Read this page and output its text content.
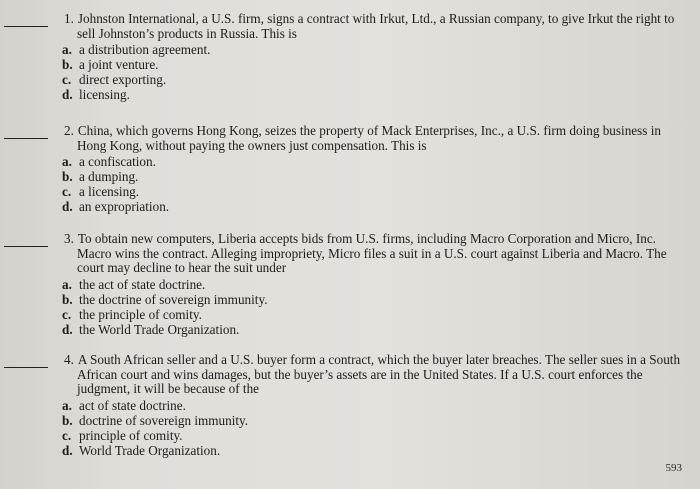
1. Johnston International, a U.S. firm, signs a contract with Irkut, Ltd., a Russian company, to give Irkut the right to sell Johnston’s products in Russia. This is

a. a distribution agreement.
b. a joint venture.
c. direct exporting.
d. licensing.

2. China, which governs Hong Kong, seizes the property of Mack Enterprises, Inc., a U.S. firm doing business in Hong Kong, without paying the owners just compensation. This is

a. a confiscation.
b. a dumping.
c. a licensing.
d. an expropriation.

3. To obtain new computers, Liberia accepts bids from U.S. firms, including Macro Corporation and Micro, Inc. Macro wins the contract. Alleging impropriety, Micro files a suit in a U.S. court against Liberia and Macro. The court may decline to hear the suit under

a. the act of state doctrine.
b. the doctrine of sovereign immunity.
c. the principle of comity.
d. the World Trade Organization.

4. A South African seller and a U.S. buyer form a contract, which the buyer later breaches. The seller sues in a South African court and wins damages, but the buyer’s assets are in the United States. If a U.S. court enforces the judgment, it will be because of the

a. act of state doctrine.
b. doctrine of sovereign immunity.
c. principle of comity.
d. World Trade Organization.
593
